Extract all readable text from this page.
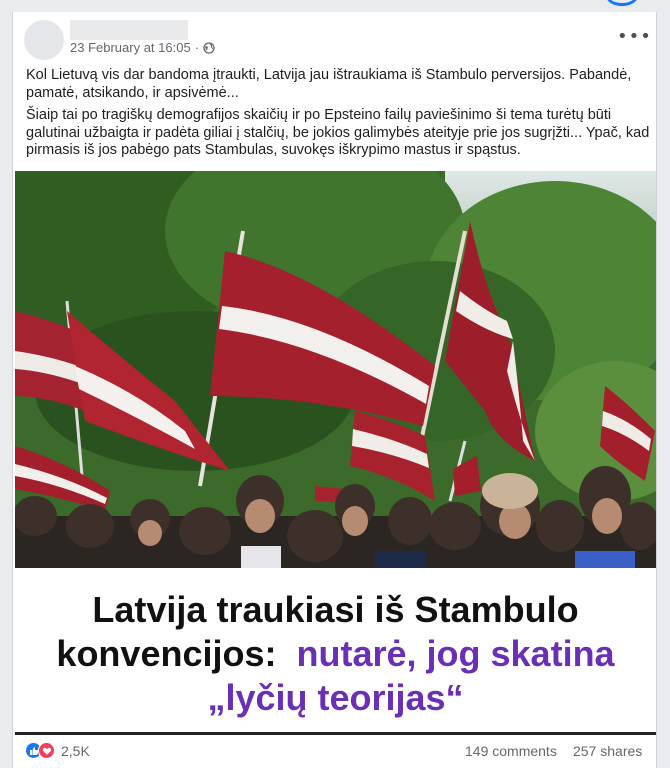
23 February at 16:05 ·
•••

Kol Lietuvą vis dar bandoma įtraukti, Latvija jau ištraukiama iš Stambulo perversijos. Pabandė, pamatė, atsikando, ir apsivėmė...

Šiaip tai po tragiškų demografijos skaičių ir po Epsteino failų paviešinimo ši tema turėtų būti galutinai užbaigta ir padėta giliai į stalčių, be jokios galimybės ateityje prie jos sugrįžti... Ypač, kad pirmasis iš jos pabėgo pats Stambulas, suvokęs iškrypimo mastus ir spąstus.

Latvija traukiasi iš Stambulo
konvencijos: nutarė, jog skatina
„lyčių teorijas“
2,5K	149 comments 257 shares
